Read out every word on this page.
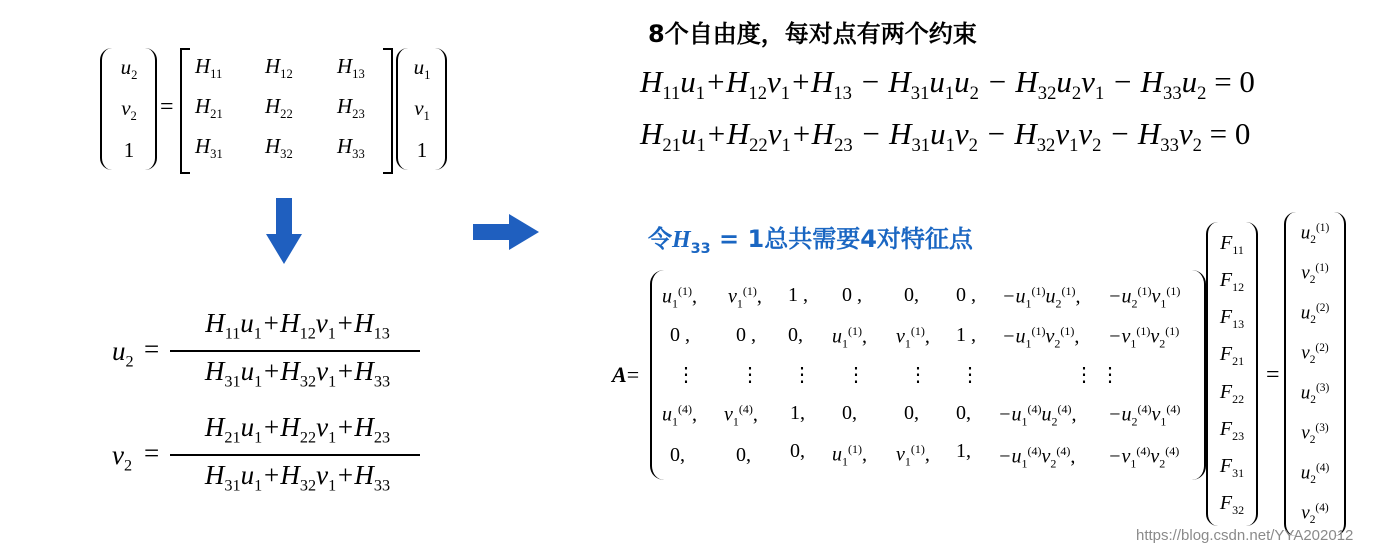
$u_2$
$v_2$
1
=
$H_{11}$ $H_{12}$ $H_{13}$
$H_{21}$ $H_{22}$ $H_{23}$
$H_{31}$ $H_{32}$ $H_{33}$
$u_1$
$v_1$
1
$u_2$ =
$H_{11}u_1+H_{12}v_1+H_{13}$
$H_{31}u_1+H_{32}v_1+H_{33}$
$v_2$ =
$H_{21}u_1+H_{22}v_1+H_{23}$
$H_{31}u_1+H_{32}v_1+H_{33}$
8个自由度，每对点有两个约束
$H_{11}u_1+H_{12}v_1+H_{13} - H_{31}u_1u_2 - H_{32}u_2v_1 - H_{33}u_2 = 0$
$H_{21}u_1+H_{22}v_1+H_{23} - H_{31}u_1v_2 - H_{32}v_1v_2 - H_{33}v_2 = 0$
令$H_{33} = 1$总共需要4对特征点
A=
$u_1^{(1)}$, $v_1^{(1)}$, 1 , 0 , 0, 0 , $-u_1^{(1)}u_2^{(1)}$, $-u_2^{(1)}v_1^{(1)}$
0 , 0 , 0, $u_1^{(1)}$, $v_1^{(1)}$, 1 , $-u_1^{(1)}v_2^{(1)}$, $-v_1^{(1)}v_2^{(1)}$
⋮ ⋮ ⋮ ⋮ ⋮ ⋮	⋮ ⋮
$u_1^{(4)}$, $v_1^{(4)}$, 1, 0, 0, 0, $-u_1^{(4)}u_2^{(4)}$, $-u_2^{(4)}v_1^{(4)}$
0,	0, 0, $u_1^{(1)}$, $v_1^{(1)}$, 1, $-u_1^{(4)}v_2^{(4)}$, $-v_1^{(4)}v_2^{(4)}$
$F_{11}$
$F_{12}$
$F_{13}$
$F_{21}$
$F_{22}$
$F_{23}$
$F_{31}$
$F_{32}$
=
$u_2^{(1)}$
$v_2^{(1)}$
$u_2^{(2)}$
$v_2^{(2)}$
$u_2^{(3)}$
$v_2^{(3)}$
$u_2^{(4)}$
$v_2^{(4)}$
https://blog.csdn.net/YYA202012
